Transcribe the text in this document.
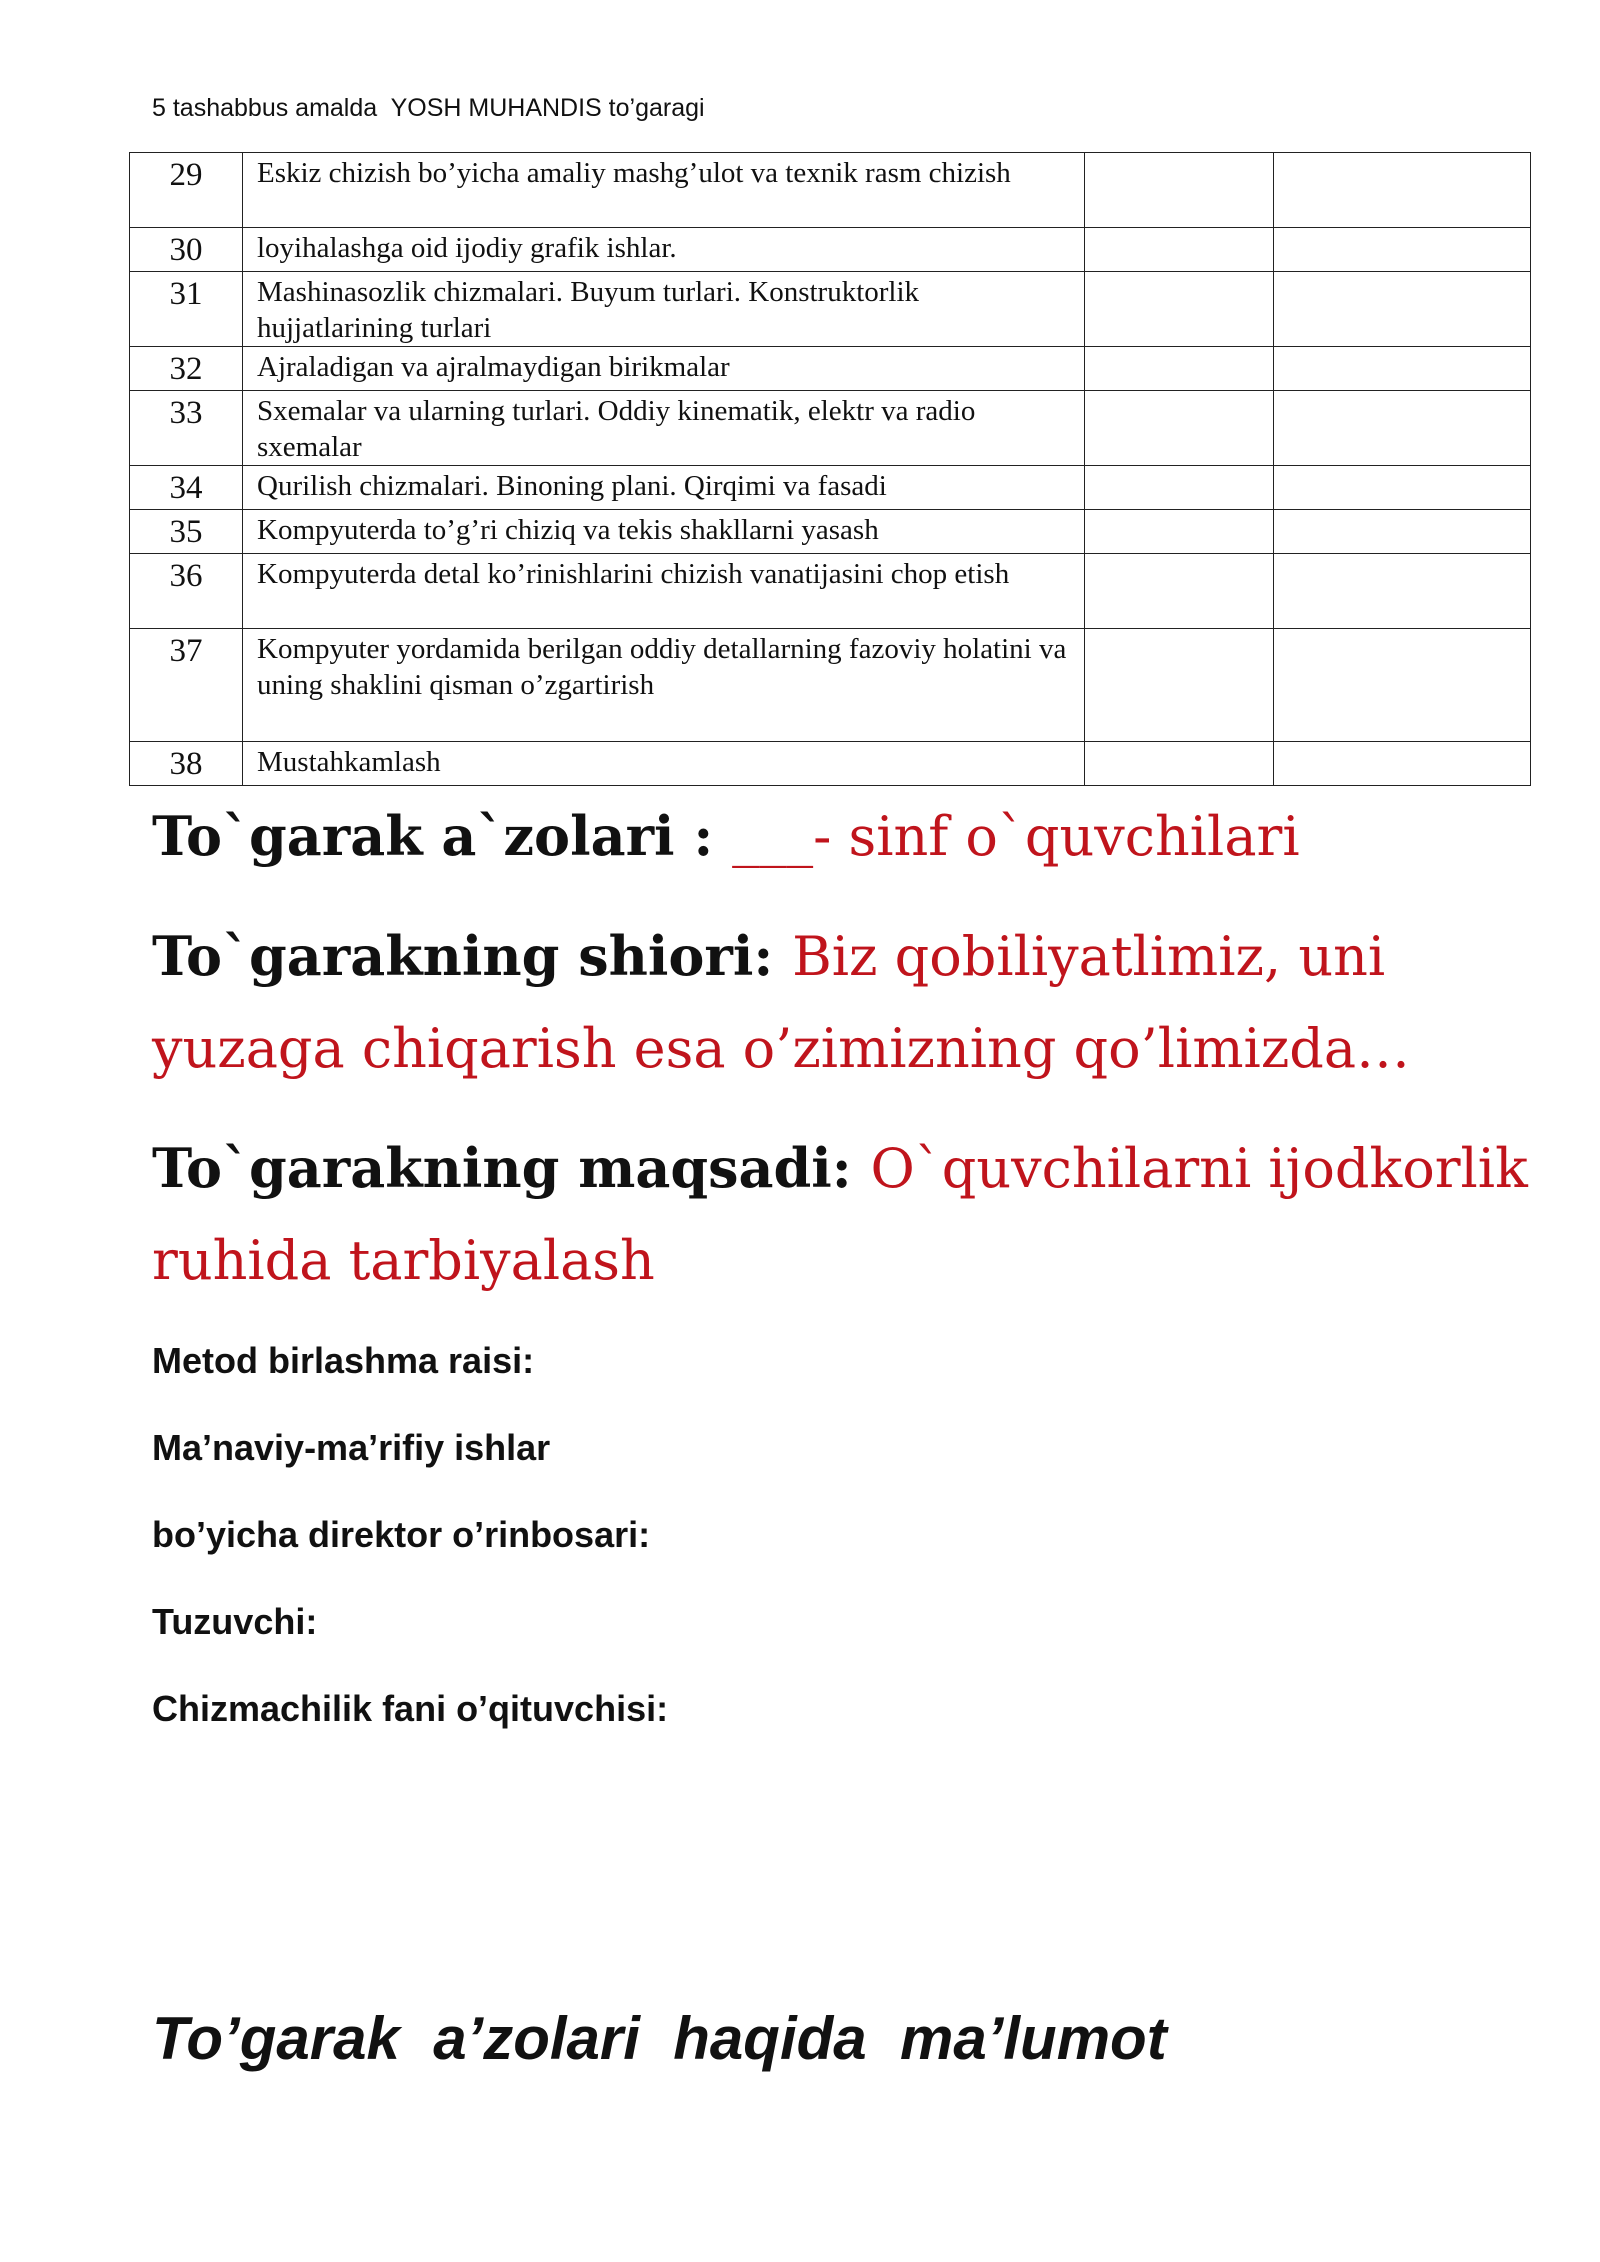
5 tashabbus amalda  YOSH MUHANDIS to’garagi
29	Eskiz chizish bo’yicha amaliy mashg’ulot va texnik rasm chizish		
30	loyihalashga oid ijodiy grafik ishlar.		
31	Mashinasozlik chizmalari. Buyum turlari. Konstruktorlik hujjatlarining turlari		
32	Ajraladigan va ajralmaydigan birikmalar		
33	Sxemalar va ularning turlari. Oddiy kinematik, elektr va radio sxemalar		
34	Qurilish chizmalari. Binoning plani. Qirqimi va fasadi		
35	Kompyuterda to’g’ri chiziq va tekis shakllarni yasash		
36	Kompyuterda detal ko’rinishlarini chizish vanatijasini chop etish		
37	Kompyuter yordamida berilgan oddiy detallarning fazoviy holatini va uning shaklini qisman o’zgartirish		
38	Mustahkamlash		

To`garak a`zolari : ___- sinf o`quvchilari

To`garakning shiori: Biz qobiliyatlimiz, uni

yuzaga chiqarish esa o’zimizning qo’limizda…

To`garakning maqsadi: O`quvchilarni ijodkorlik

ruhida tarbiyalash

Metod birlashma raisi:
Ma’naviy-ma’rifiy ishlar
bo’yicha direktor o’rinbosari:
Tuzuvchi:
Chizmachilik fani o’qituvchisi:
To’garak  a’zolari  haqida  ma’lumot
